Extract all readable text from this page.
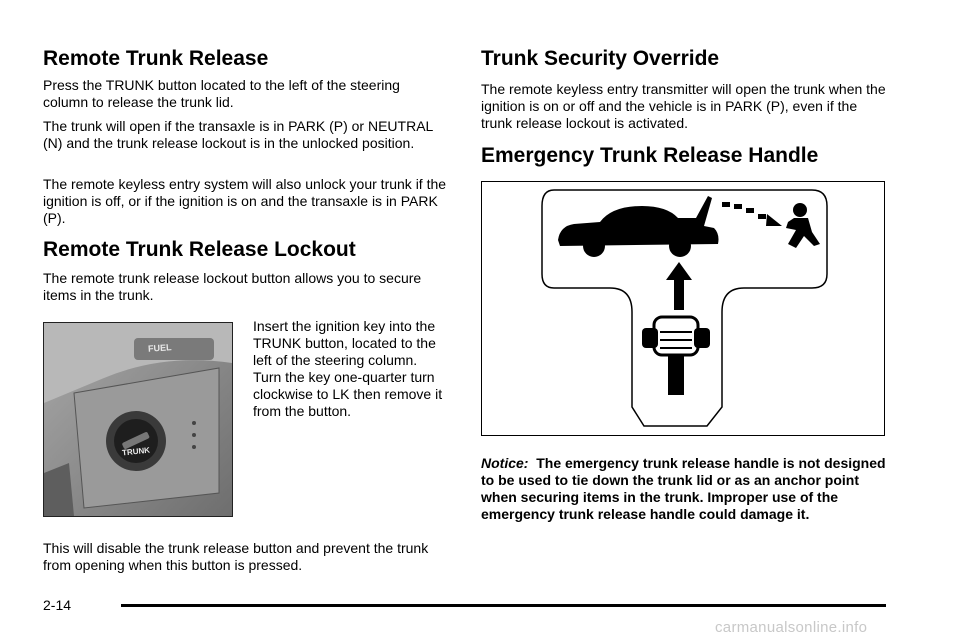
Remote Trunk Release

Press the TRUNK button located to the left of the steering column to release the trunk lid.

The trunk will open if the transaxle is in PARK (P) or NEUTRAL (N) and the trunk release lockout is in the unlocked position.

The remote keyless entry system will also unlock your trunk if the ignition is off, or if the ignition is on and the transaxle is in PARK (P).

Remote Trunk Release Lockout

The remote trunk release lockout button allows you to secure items in the trunk.

FUEL
TRUNK

Insert the ignition key into the TRUNK button, located to the left of the steering column. Turn the key one-quarter turn clockwise to LK then remove it from the button.

This will disable the trunk release button and prevent the trunk from opening when this button is pressed.

Trunk Security Override

The remote keyless entry transmitter will open the trunk when the ignition is on or off and the vehicle is in PARK (P), even if the trunk release lockout is activated.

Emergency Trunk Release Handle

Notice: The emergency trunk release handle is not designed to be used to tie down the trunk lid or as an anchor point when securing items in the trunk. Improper use of the emergency trunk release handle could damage it.

2-14
carmanualsonline.info
